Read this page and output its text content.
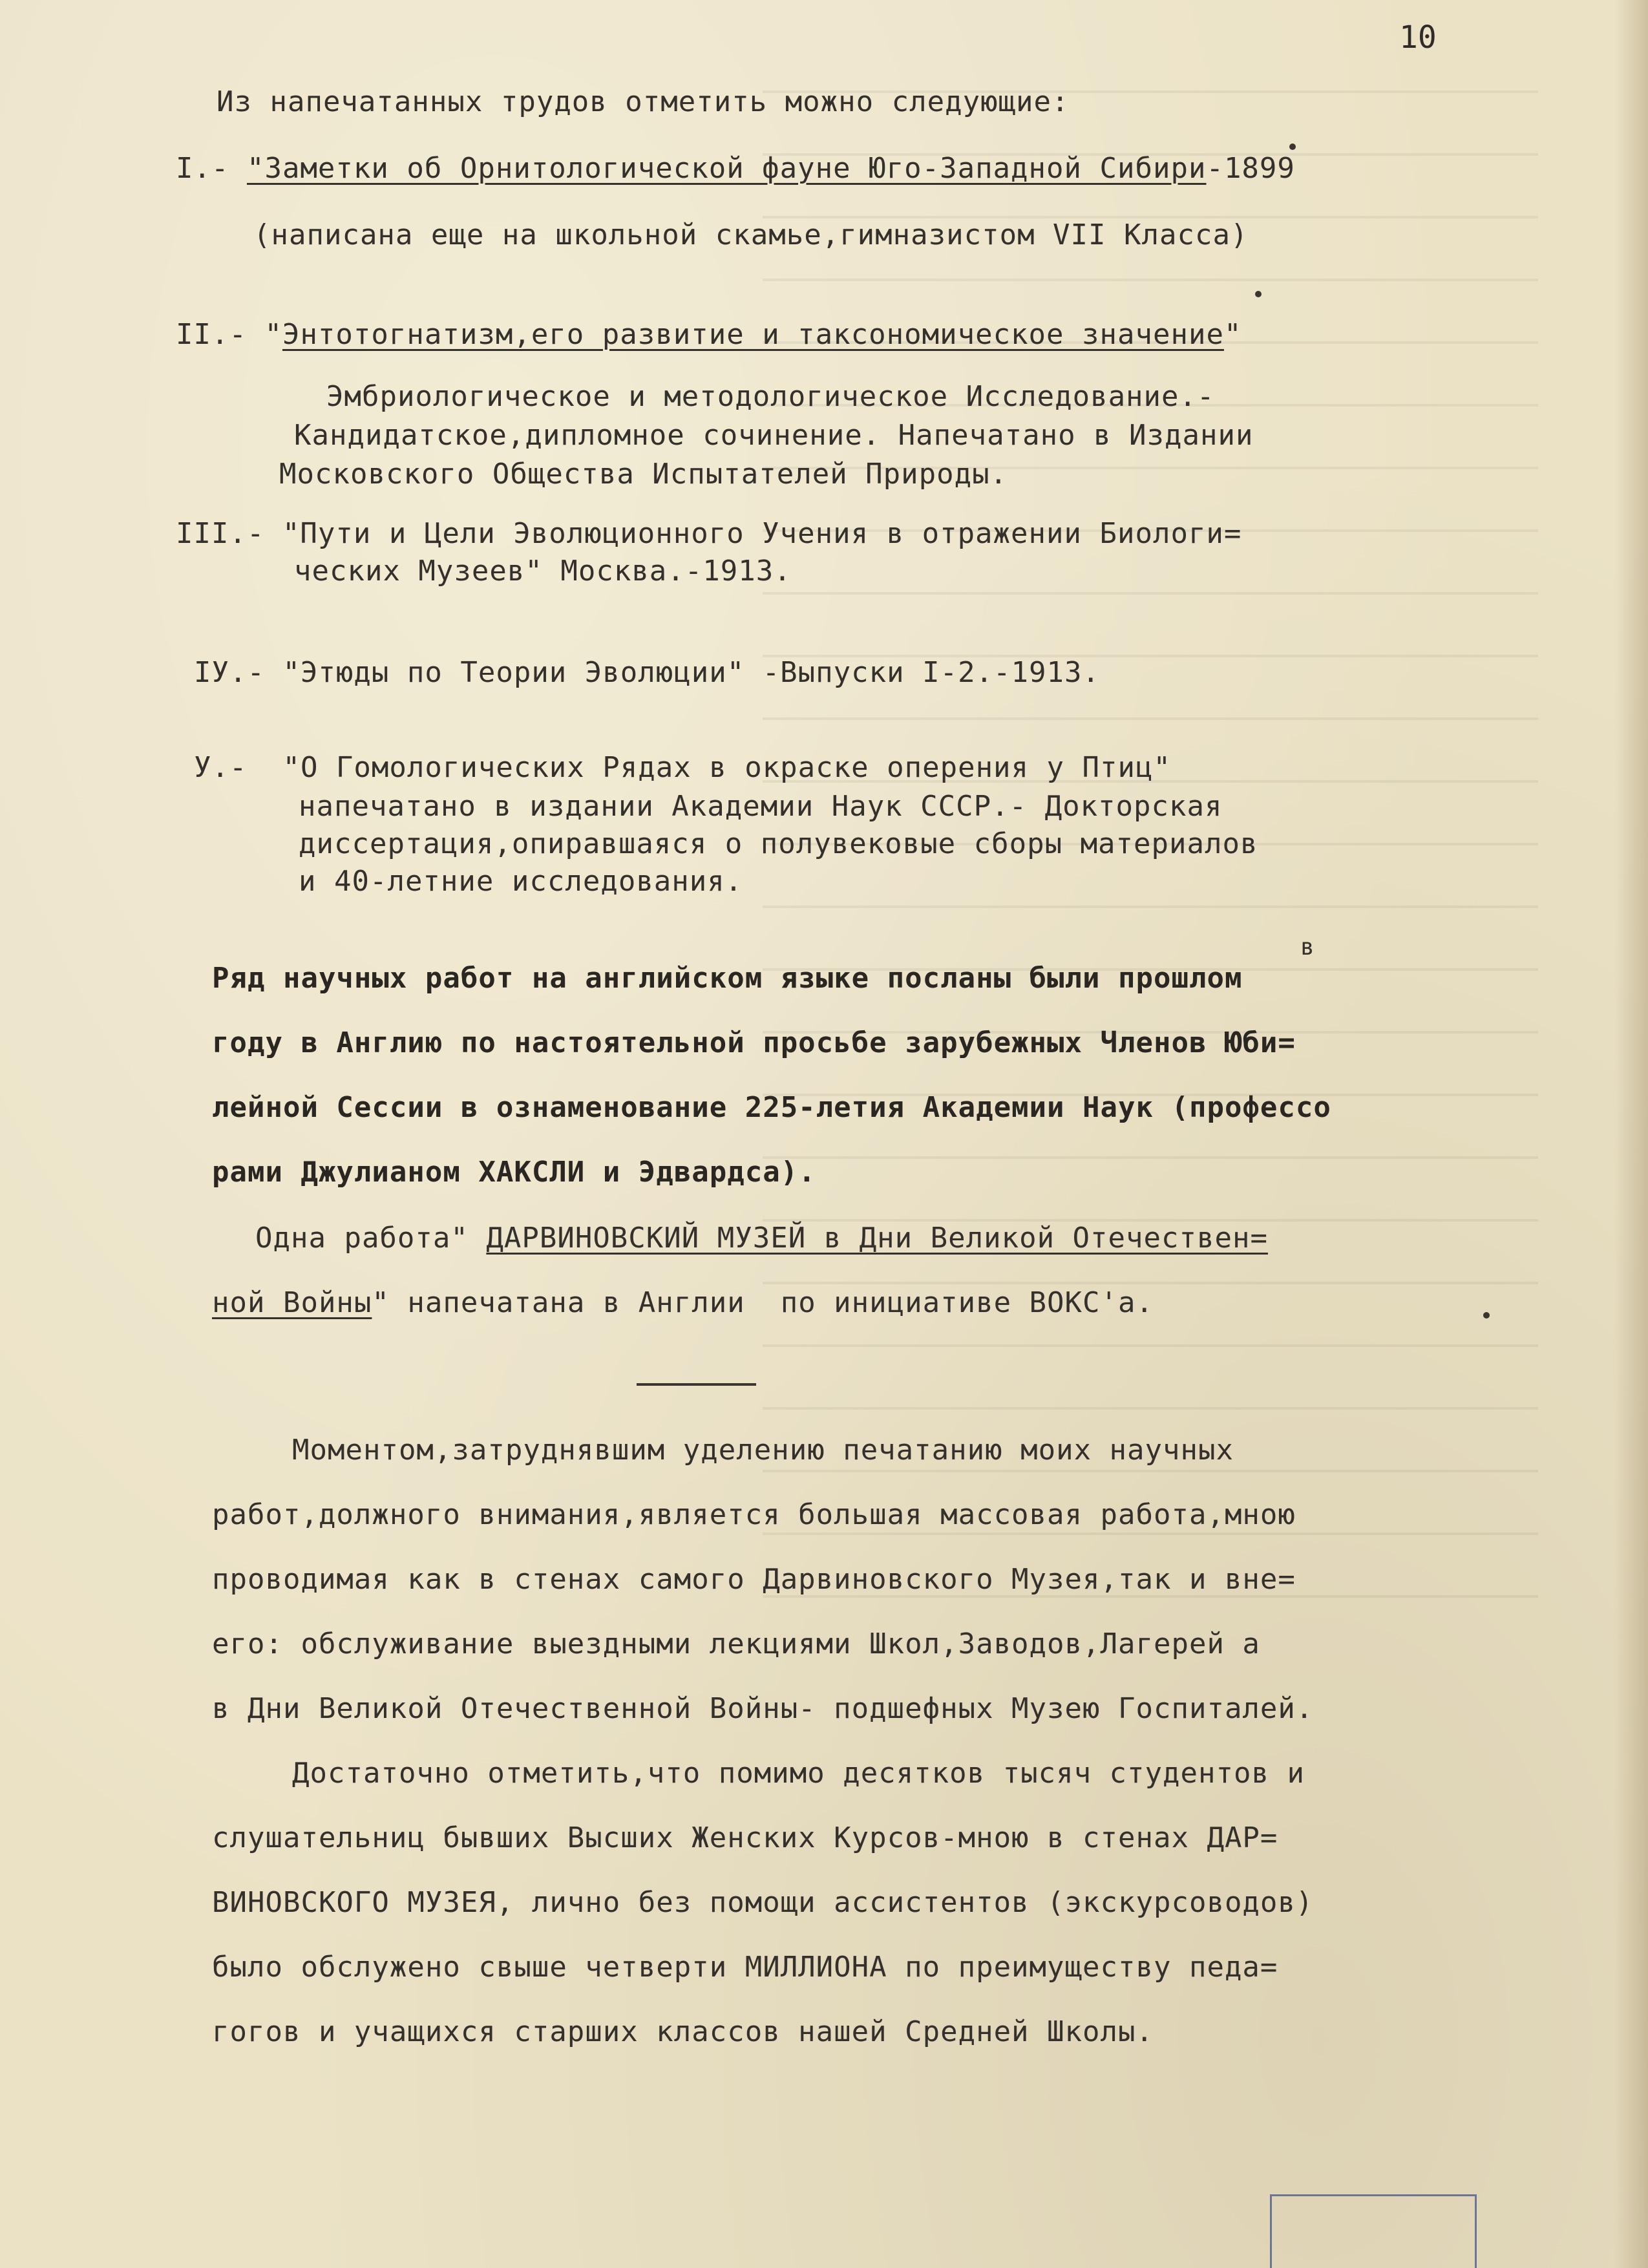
10
Из напечатанных трудов отметить можно следующие:
I.- "Заметки об Орнитологической фауне Юго-Западной Сибири-1899
(написана еще на школьной скамье,гимназистом VII Класса)
II.- "Энтотогнатизм,его развитие и таксономическое значение"
Эмбриологическое и методологическое Исследование.-
Кандидатское,дипломное сочинение. Напечатано в Издании
Московского Общества Испытателей Природы.
III.- "Пути и Цели Эволюционного Учения в отражении Биологи=
ческих Музеев" Москва.-1913.
IУ.- "Этюды по Теории Эволюции" -Выпуски I-2.-1913.
У.-  "О Гомологических Рядах в окраске оперения у Птиц"
напечатано в издании Академии Наук СССР.- Докторская
диссертация,опиравшаяся о полувековые сборы материалов
и 40-летние исследования.
Ряд научных работ на английском языке посланы были прошлом
в
году в Англию по настоятельной просьбе зарубежных Членов Юби=
лейной Сессии в ознаменование 225-летия Академии Наук (профессо
рами Джулианом ХАКСЛИ и Эдвардса).
Одна работа" ДАРВИНОВСКИЙ МУЗЕЙ в Дни Великой Отечествен=
ной Войны" напечатана в Англии  по инициативе ВОКС'а.
Моментом,затруднявшим уделению печатанию моих научных
работ,должного внимания,является большая массовая работа,мною
проводимая как в стенах самого Дарвиновского Музея,так и вне=
его: обслуживание выездными лекциями Школ,Заводов,Лагерей а
в Дни Великой Отечественной Войны- подшефных Музею Госпиталей.
Достаточно отметить,что помимо десятков тысяч студентов и
слушательниц бывших Высших Женских Курсов-мною в стенах ДАР=
ВИНОВСКОГО МУЗЕЯ, лично без помощи ассистентов (экскурсоводов)
было обслужено свыше четверти МИЛЛИОНА по преимуществу педа=
гогов и учащихся старших классов нашей Средней Школы.
